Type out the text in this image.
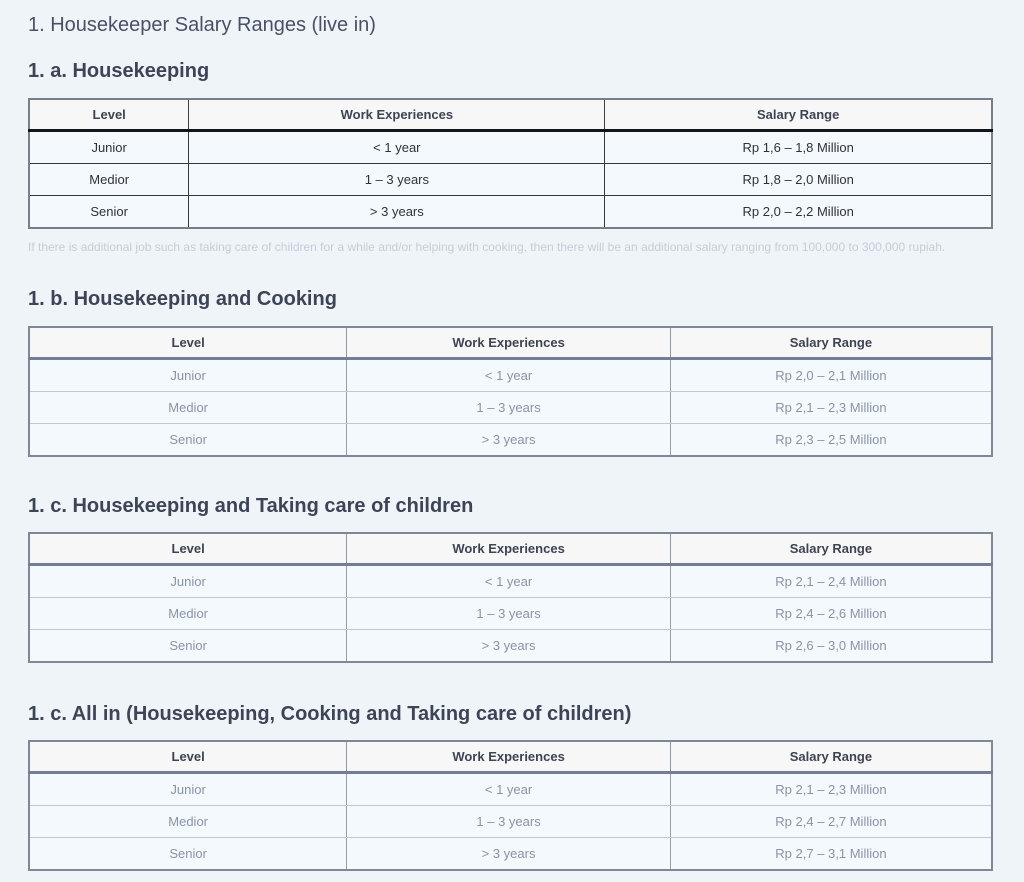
1. Housekeeper Salary Ranges (live in)
1. a. Housekeeping
Level	Work Experiences	Salary Range
Junior	< 1 year	Rp 1,6 – 1,8 Million
Medior	1 – 3 years	Rp 1,8 – 2,0 Million
Senior	> 3 years	Rp 2,0 – 2,2 Million

If there is additional job such as taking care of children for a while and/or helping with cooking, then there will be an additional salary ranging from 100,000 to 300,000 rupiah.

1. b. Housekeeping and Cooking
Level	Work Experiences	Salary Range
Junior	< 1 year	Rp 2,0 – 2,1 Million
Medior	1 – 3 years	Rp 2,1 – 2,3 Million
Senior	> 3 years	Rp 2,3 – 2,5 Million
1. c. Housekeeping and Taking care of children
Level	Work Experiences	Salary Range
Junior	< 1 year	Rp 2,1 – 2,4 Million
Medior	1 – 3 years	Rp 2,4 – 2,6 Million
Senior	> 3 years	Rp 2,6 – 3,0 Million
1. c. All in (Housekeeping, Cooking and Taking care of children)
Level	Work Experiences	Salary Range
Junior	< 1 year	Rp 2,1 – 2,3 Million
Medior	1 – 3 years	Rp 2,4 – 2,7 Million
Senior	> 3 years	Rp 2,7 – 3,1 Million
